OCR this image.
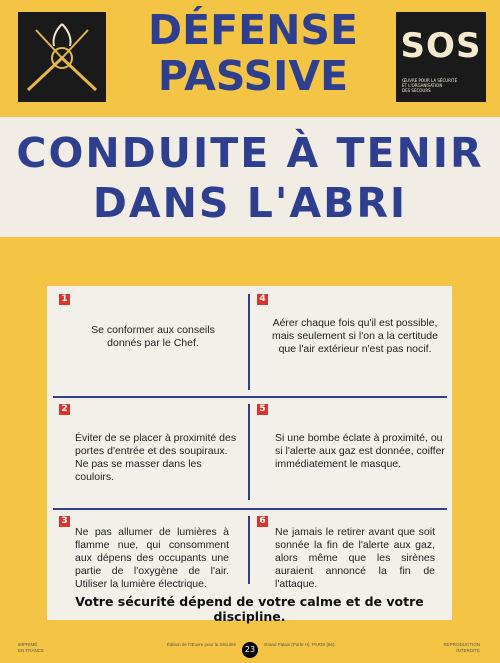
DÉFENSE
PASSIVE
SOS
ŒUVRE POUR LA SÉCURITÉ
ET L'ORGANISATION
DES SECOURS
CONDUITE À TENIR
DANS L'ABRI
1
Se conformer aux conseils donnés par le Chef.
4
Aérer chaque fois qu'il est possible, mais seulement si l'on a la certitude que l'air extérieur n'est pas nocif.
2
Éviter de se placer à proximité des portes d'entrée et des soupiraux. Ne pas se masser dans les couloirs.
5
Si une bombe éclate à proximité, ou si l'alerte aux gaz est donnée, coiffer immédiatement le masque.
3
Ne pas allumer de lumières à flamme nue, qui consomment aux dépens des occupants une partie de l'oxygène de l'air. Utiliser la lumière électrique.
6
Ne jamais le retirer avant que soit sonnée la fin de l'alerte aux gaz, alors même que les sirènes auraient annoncé la fin de l'attaque.
Votre sécurité dépend de votre calme et de votre discipline.
IMPRIMÉ
EN FRANCE
Édition de l'Œuvre pour la Sécurité
23
Grand Palais (Porte H), PARIS (8e).	REPRODUCTION
INTERDITE
